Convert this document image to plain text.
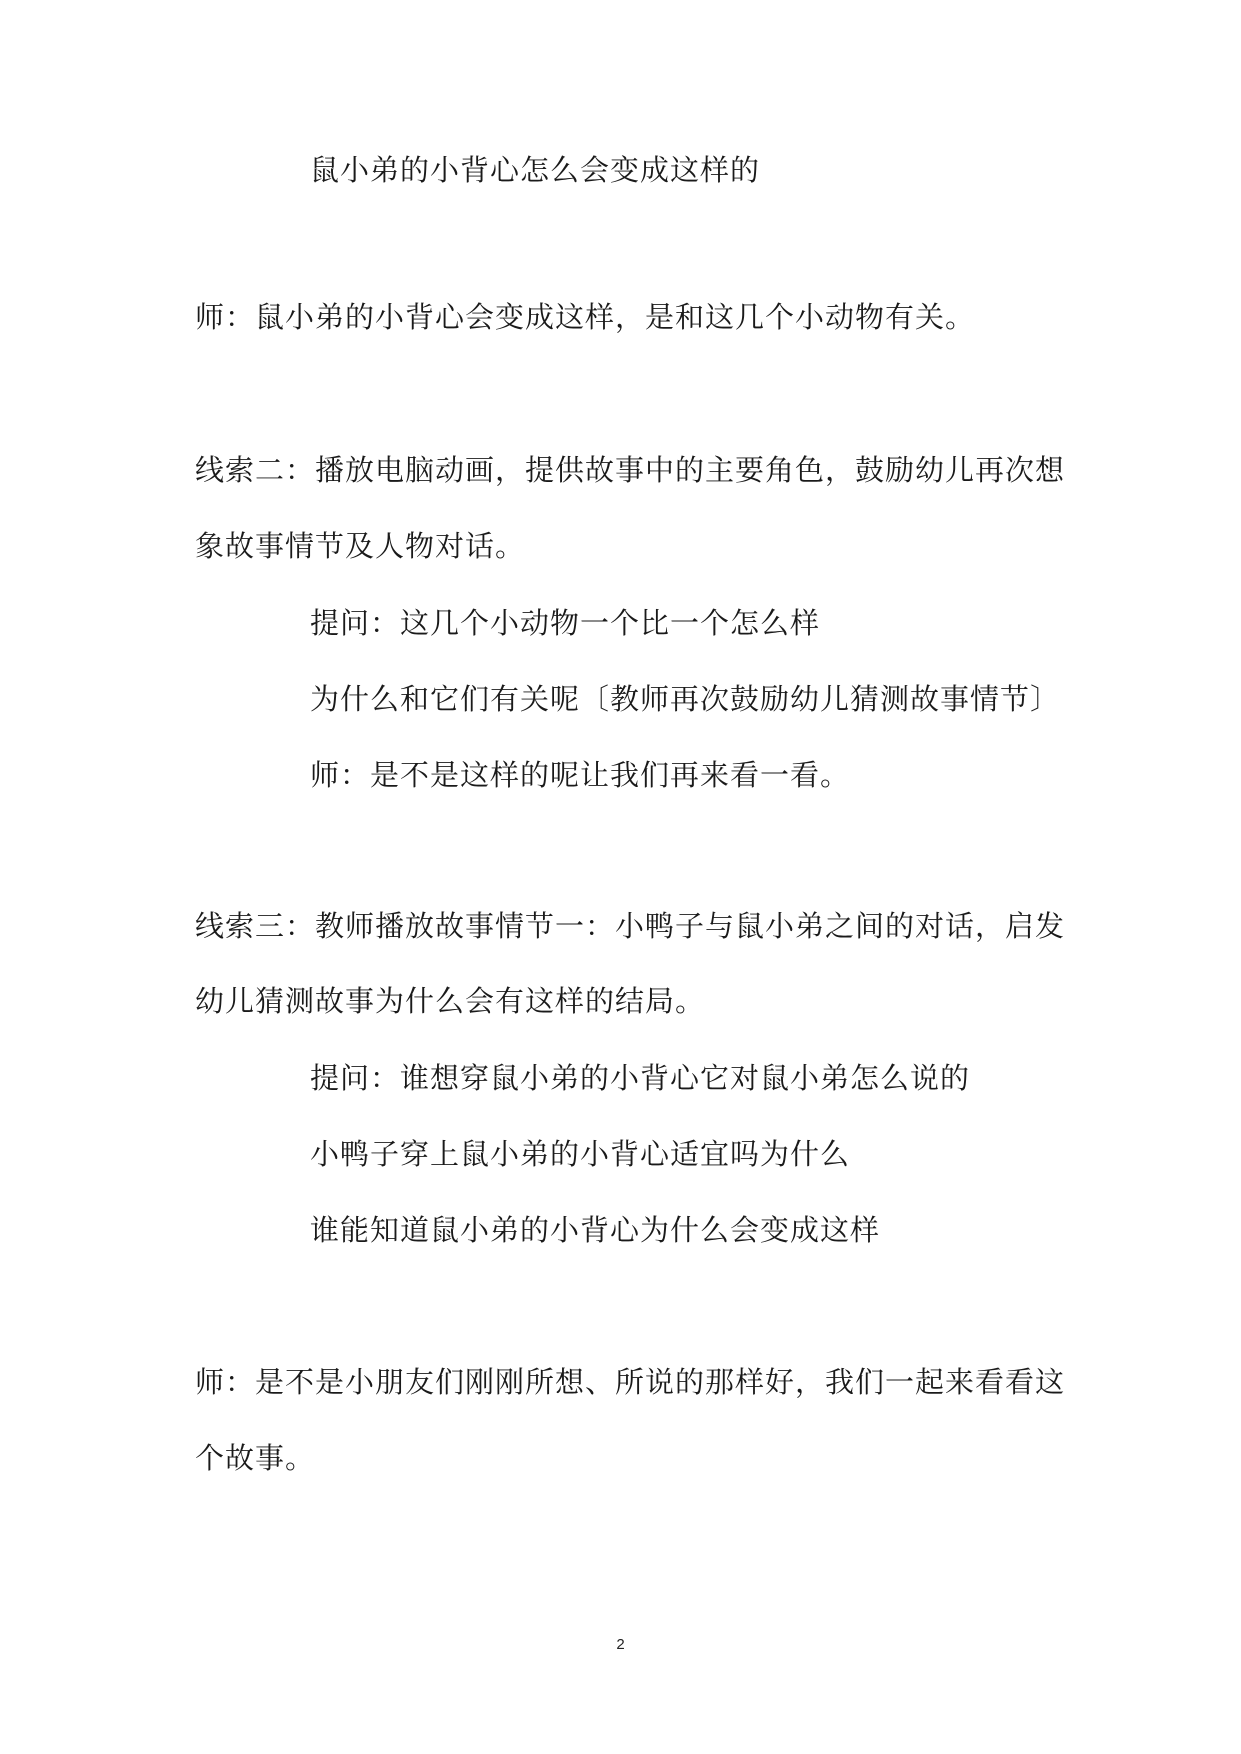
鼠小弟的小背心怎么会变成这样的
师：鼠小弟的小背心会变成这样，是和这几个小动物有关。
线索二：播放电脑动画，提供故事中的主要角色，鼓励幼儿再次想
象故事情节及人物对话。
提问：这几个小动物一个比一个怎么样
为什么和它们有关呢〔教师再次鼓励幼儿猜测故事情节〕
师：是不是这样的呢让我们再来看一看。
线索三：教师播放故事情节一：小鸭子与鼠小弟之间的对话，启发
幼儿猜测故事为什么会有这样的结局。
提问：谁想穿鼠小弟的小背心它对鼠小弟怎么说的
小鸭子穿上鼠小弟的小背心适宜吗为什么
谁能知道鼠小弟的小背心为什么会变成这样
师：是不是小朋友们刚刚所想、所说的那样好，我们一起来看看这
个故事。
2
